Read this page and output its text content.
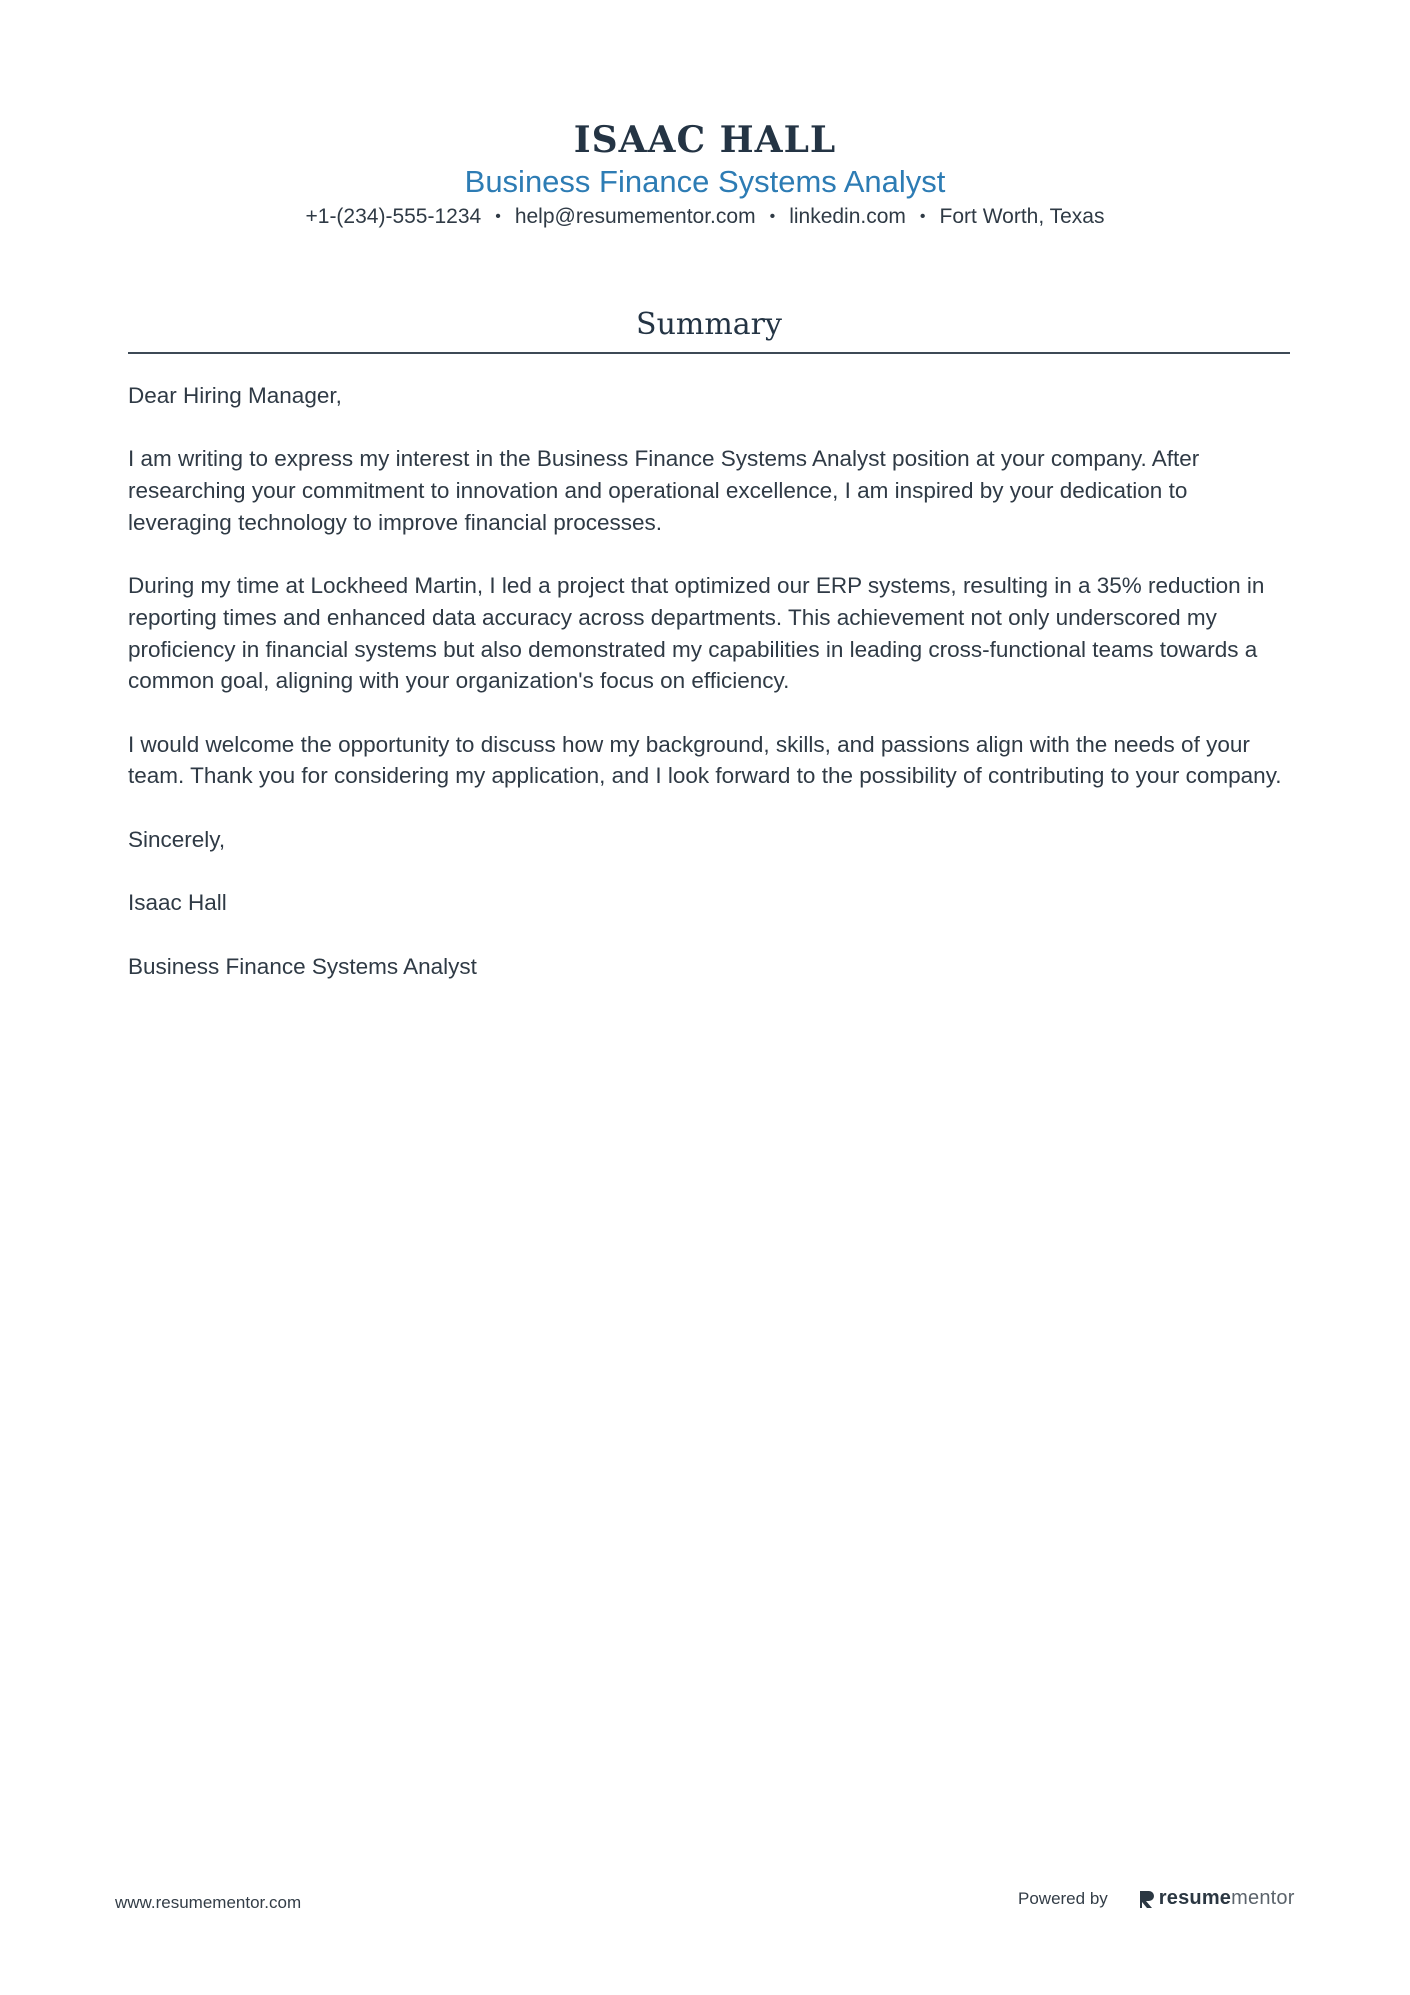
ISAAC HALL
Business Finance Systems Analyst
+1-(234)-555-1234 • help@resumementor.com • linkedin.com • Fort Worth, Texas
Summary

Dear Hiring Manager,

I am writing to express my interest in the Business Finance Systems Analyst position at your company. After researching your commitment to innovation and operational excellence, I am inspired by your dedication to leveraging technology to improve financial processes.

During my time at Lockheed Martin, I led a project that optimized our ERP systems, resulting in a 35% reduction in reporting times and enhanced data accuracy across departments. This achievement not only underscored my proficiency in financial systems but also demonstrated my capabilities in leading cross-functional teams towards a common goal, aligning with your organization's focus on efficiency.

I would welcome the opportunity to discuss how my background, skills, and passions align with the needs of your team. Thank you for considering my application, and I look forward to the possibility of contributing to your company.

Sincerely,

Isaac Hall

Business Finance Systems Analyst

www.resumementor.com	Powered by	resume mentor
